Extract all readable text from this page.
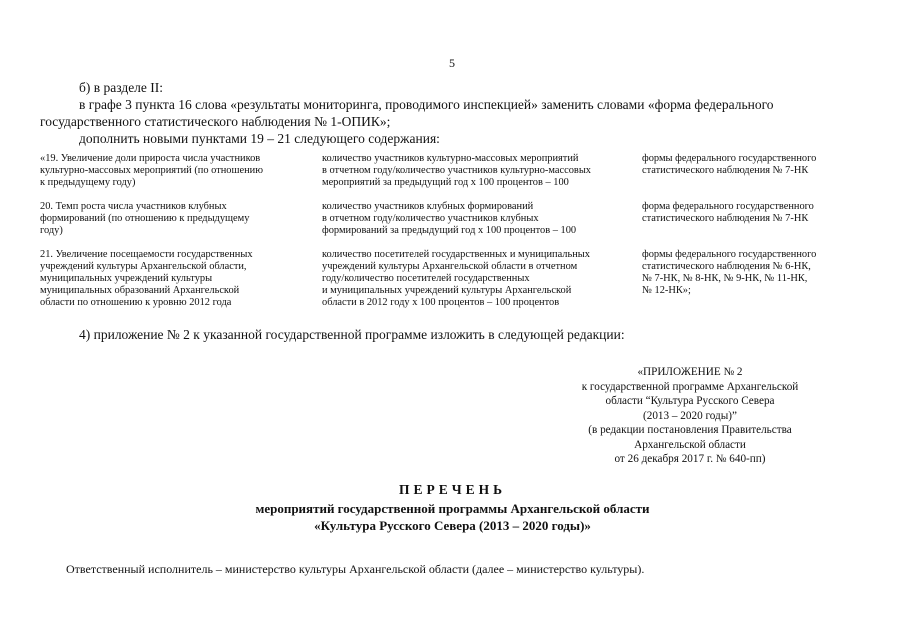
5
б) в разделе II:
в графе 3 пункта 16 слова «результаты мониторинга, проводимого инспекцией» заменить словами «форма федерального
государственного статистического наблюдения № 1-ОПИК»;
дополнить новыми пунктами 19 – 21 следующего содержания:
«19. Увеличение доли прироста числа участников
культурно-массовых мероприятий (по отношению
к предыдущему году)
количество участников культурно-массовых мероприятий
в отчетном году/количество участников культурно-массовых
мероприятий за предыдущий год х 100 процентов – 100
формы федерального государственного
статистического наблюдения № 7-НК
20. Темп роста числа участников клубных
формирований (по отношению к предыдущему
году)
количество участников клубных формирований
в отчетном году/количество участников клубных
формирований за предыдущий год х 100 процентов – 100
форма федерального государственного
статистического наблюдения № 7-НК
21. Увеличение посещаемости государственных
учреждений культуры Архангельской области,
муниципальных учреждений культуры
муниципальных образований Архангельской
области по отношению к уровню 2012 года
количество посетителей государственных и муниципальных
учреждений культуры Архангельской области в отчетном
году/количество посетителей государственных
и муниципальных учреждений культуры Архангельской
области в 2012 году х 100 процентов – 100 процентов
формы федерального государственного
статистического наблюдения № 6-НК,
№ 7-НК, № 8-НК, № 9-НК, № 11-НК,
№ 12-НК»;
4) приложение № 2 к указанной государственной программе изложить в следующей редакции:
«ПРИЛОЖЕНИЕ № 2
к государственной программе Архангельской
области “Культура Русского Севера
(2013 – 2020 годы)”
(в редакции постановления Правительства
Архангельской области
от 26 декабря 2017 г. № 640-пп)
ПЕРЕЧЕНЬ
мероприятий государственной программы Архангельской области
«Культура Русского Севера (2013 – 2020 годы)»
Ответственный исполнитель – министерство культуры Архангельской области (далее – министерство культуры).
